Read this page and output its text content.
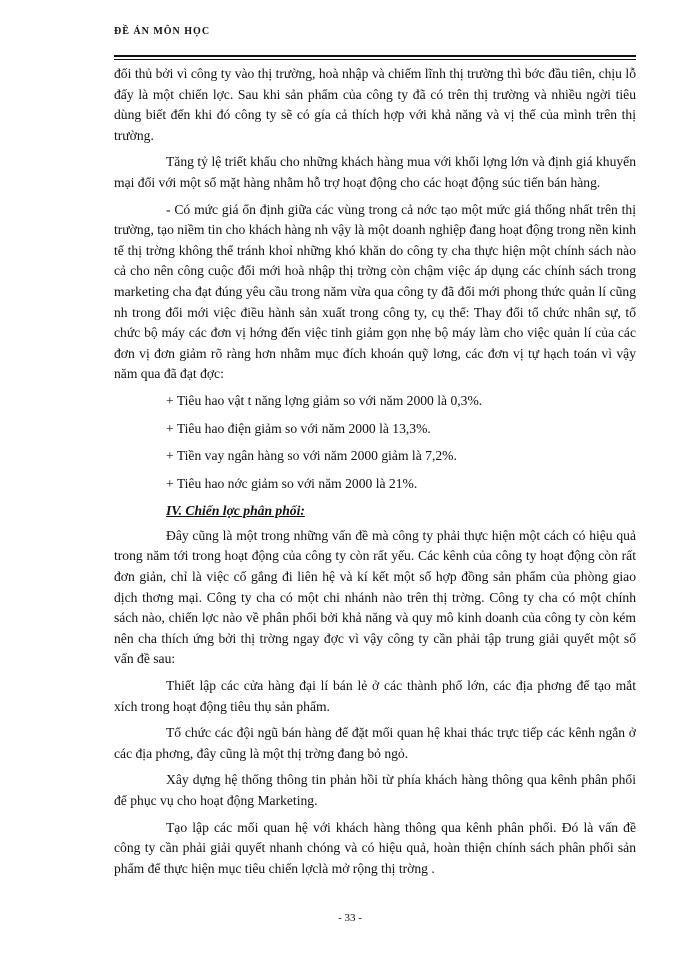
ĐỀ ÁN MÔN HỌC

đối thủ bởi vì công ty vào thị trường, hoà nhập và chiếm lĩnh thị trường thì bớc đầu tiên, chịu lỗ đấy là một chiến lợc. Sau khi sản phẩm của công ty đã có trên thị trường và nhiều ngời tiêu dùng biết đến khi đó công ty sẽ có gía cả thích hợp với khả năng và vị thế của mình trên thị trường.

Tăng tỷ lệ triết khấu cho những khách hàng mua với khối lợng lớn và định giá khuyến mại đối với một số mặt hàng nhằm hỗ trợ hoạt động cho các hoạt động súc tiến bán hàng.

- Có mức giá ổn định giữa các vùng trong cả nớc tạo một mức giá thống nhất trên thị trường, tạo niềm tin cho khách hàng nh vậy là một doanh nghiệp đang hoạt động trong nền kinh tế thị trờng không thể tránh khoỉ những khó khăn do công ty cha thực hiện một chính sách nào cả cho nên công cuộc đổi mới hoà nhập thị trờng còn chậm việc áp dụng các chính sách trong marketing cha đạt đúng yêu cầu trong năm vừa qua công ty đã đổi mới phong thức quản lí cũng nh trong đổi mới việc điều hành sản xuất trong công ty, cụ thể: Thay đổi tổ chức nhân sự, tổ chức bộ máy các đơn vị hớng đến việc tinh giảm gọn nhẹ bộ máy làm cho việc quản lí của các đơn vị đơn giảm rõ ràng hơn nhằm mục đích khoán quỹ lơng, các đơn vị tự hạch toán vì vậy năm qua đã đạt đợc:

+ Tiêu hao vật t năng lợng giảm so với năm 2000 là 0,3%.

+ Tiêu hao điện giảm so với năm 2000 là 13,3%.

+ Tiền vay ngân hàng so với năm 2000 giảm là 7,2%.

+ Tiêu hao nớc giảm so với năm 2000 là 21%.

IV. Chiến lợc phân phối:

Đây cũng là một trong những vấn đề mà công ty phải thực hiện một cách có hiệu quả trong năm tới trong hoạt động của công ty còn rất yếu. Các kênh của công ty hoạt động còn rất đơn giản, chỉ là việc cố gắng đi liên hệ và kí kết một số hợp đồng sản phẩm của phòng giao dịch thơng mại. Công ty cha có một chi nhánh nào trên thị trờng. Công ty cha có một chính sách nào, chiến lợc nào về phân phối bởi khả năng và quy mô kinh doanh của công ty còn kém nên cha thích ứng bởi thị trờng ngay đợc vì vậy công ty cần phải tập trung giải quyết một số vấn đề sau:

Thiết lập các cửa hàng đại lí bán lẻ ở các thành phố lớn, các địa phơng để tạo mắt xích trong hoạt động tiêu thụ sản phẩm.

Tổ chức các đội ngũ bán hàng để đặt mối quan hệ khai thác trực tiếp các kênh ngắn ở các địa phơng, đây cũng là một thị trờng đang bỏ ngỏ.

Xây dựng hệ thống thông tin phản hồi từ phía khách hàng thông qua kênh phân phối để phục vụ cho hoạt động Marketing.

Tạo lập các mối quan hệ với khách hàng thông qua kênh phân phối. Đó là vấn đề công ty cần phải giải quyết nhanh chóng và có hiệu quả, hoàn thiện chính sách phân phối sản phẩm để thực hiện mục tiêu chiến lợclà mở rộng thị trờng .

- 33 -
